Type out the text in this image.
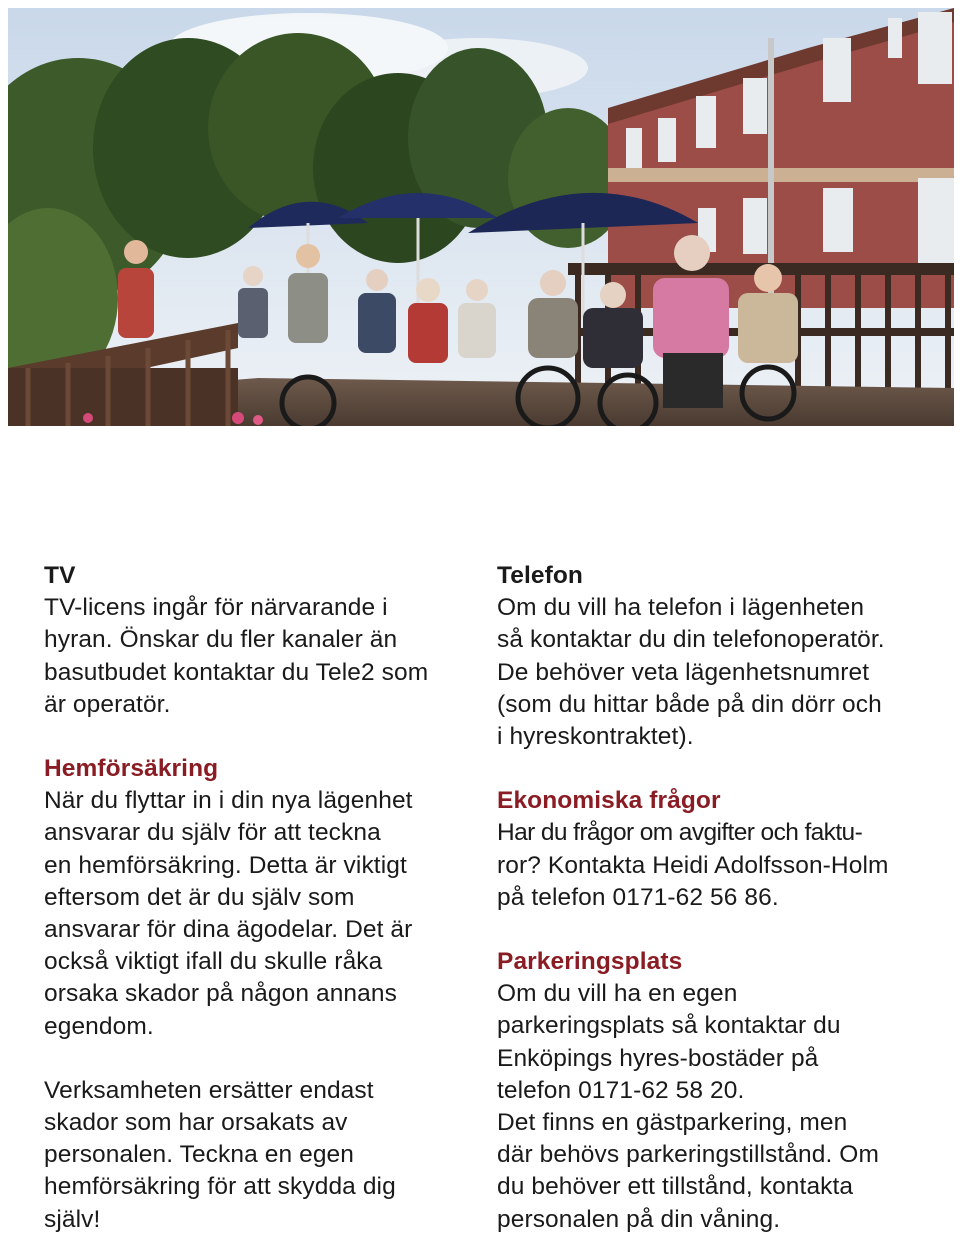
TV
TV-licens ingår för närvarande i
hyran. Önskar du fler kanaler än
basutbudet kontaktar du Tele2 som
är operatör.
Hemförsäkring
När du flyttar in i din nya lägenhet
ansvarar du själv för att teckna
en hemförsäkring. Detta är viktigt
eftersom det är du själv som
ansvarar för dina ägodelar. Det är
också viktigt ifall du skulle råka
orsaka skador på någon annans
egendom.
Verksamheten ersätter endast
skador som har orsakats av
personalen. Teckna en egen
hemförsäkring för att skydda dig
själv!
Telefon
Om du vill ha telefon i lägenheten
så kontaktar du din telefonoperatör.
De behöver veta lägenhetsnumret
(som du hittar både på din dörr och
i hyreskontraktet).
Ekonomiska frågor
Har du frågor om avgifter och faktu-
ror? Kontakta Heidi Adolfsson-Holm
på telefon 0171-62 56 86.
Parkeringsplats
Om du vill ha en egen
parkeringsplats så kontaktar du
Enköpings hyres-bostäder på
telefon 0171-62 58 20.
Det finns en gästparkering, men
där behövs parkeringstillstånd. Om
du behöver ett tillstånd, kontakta
personalen på din våning.
